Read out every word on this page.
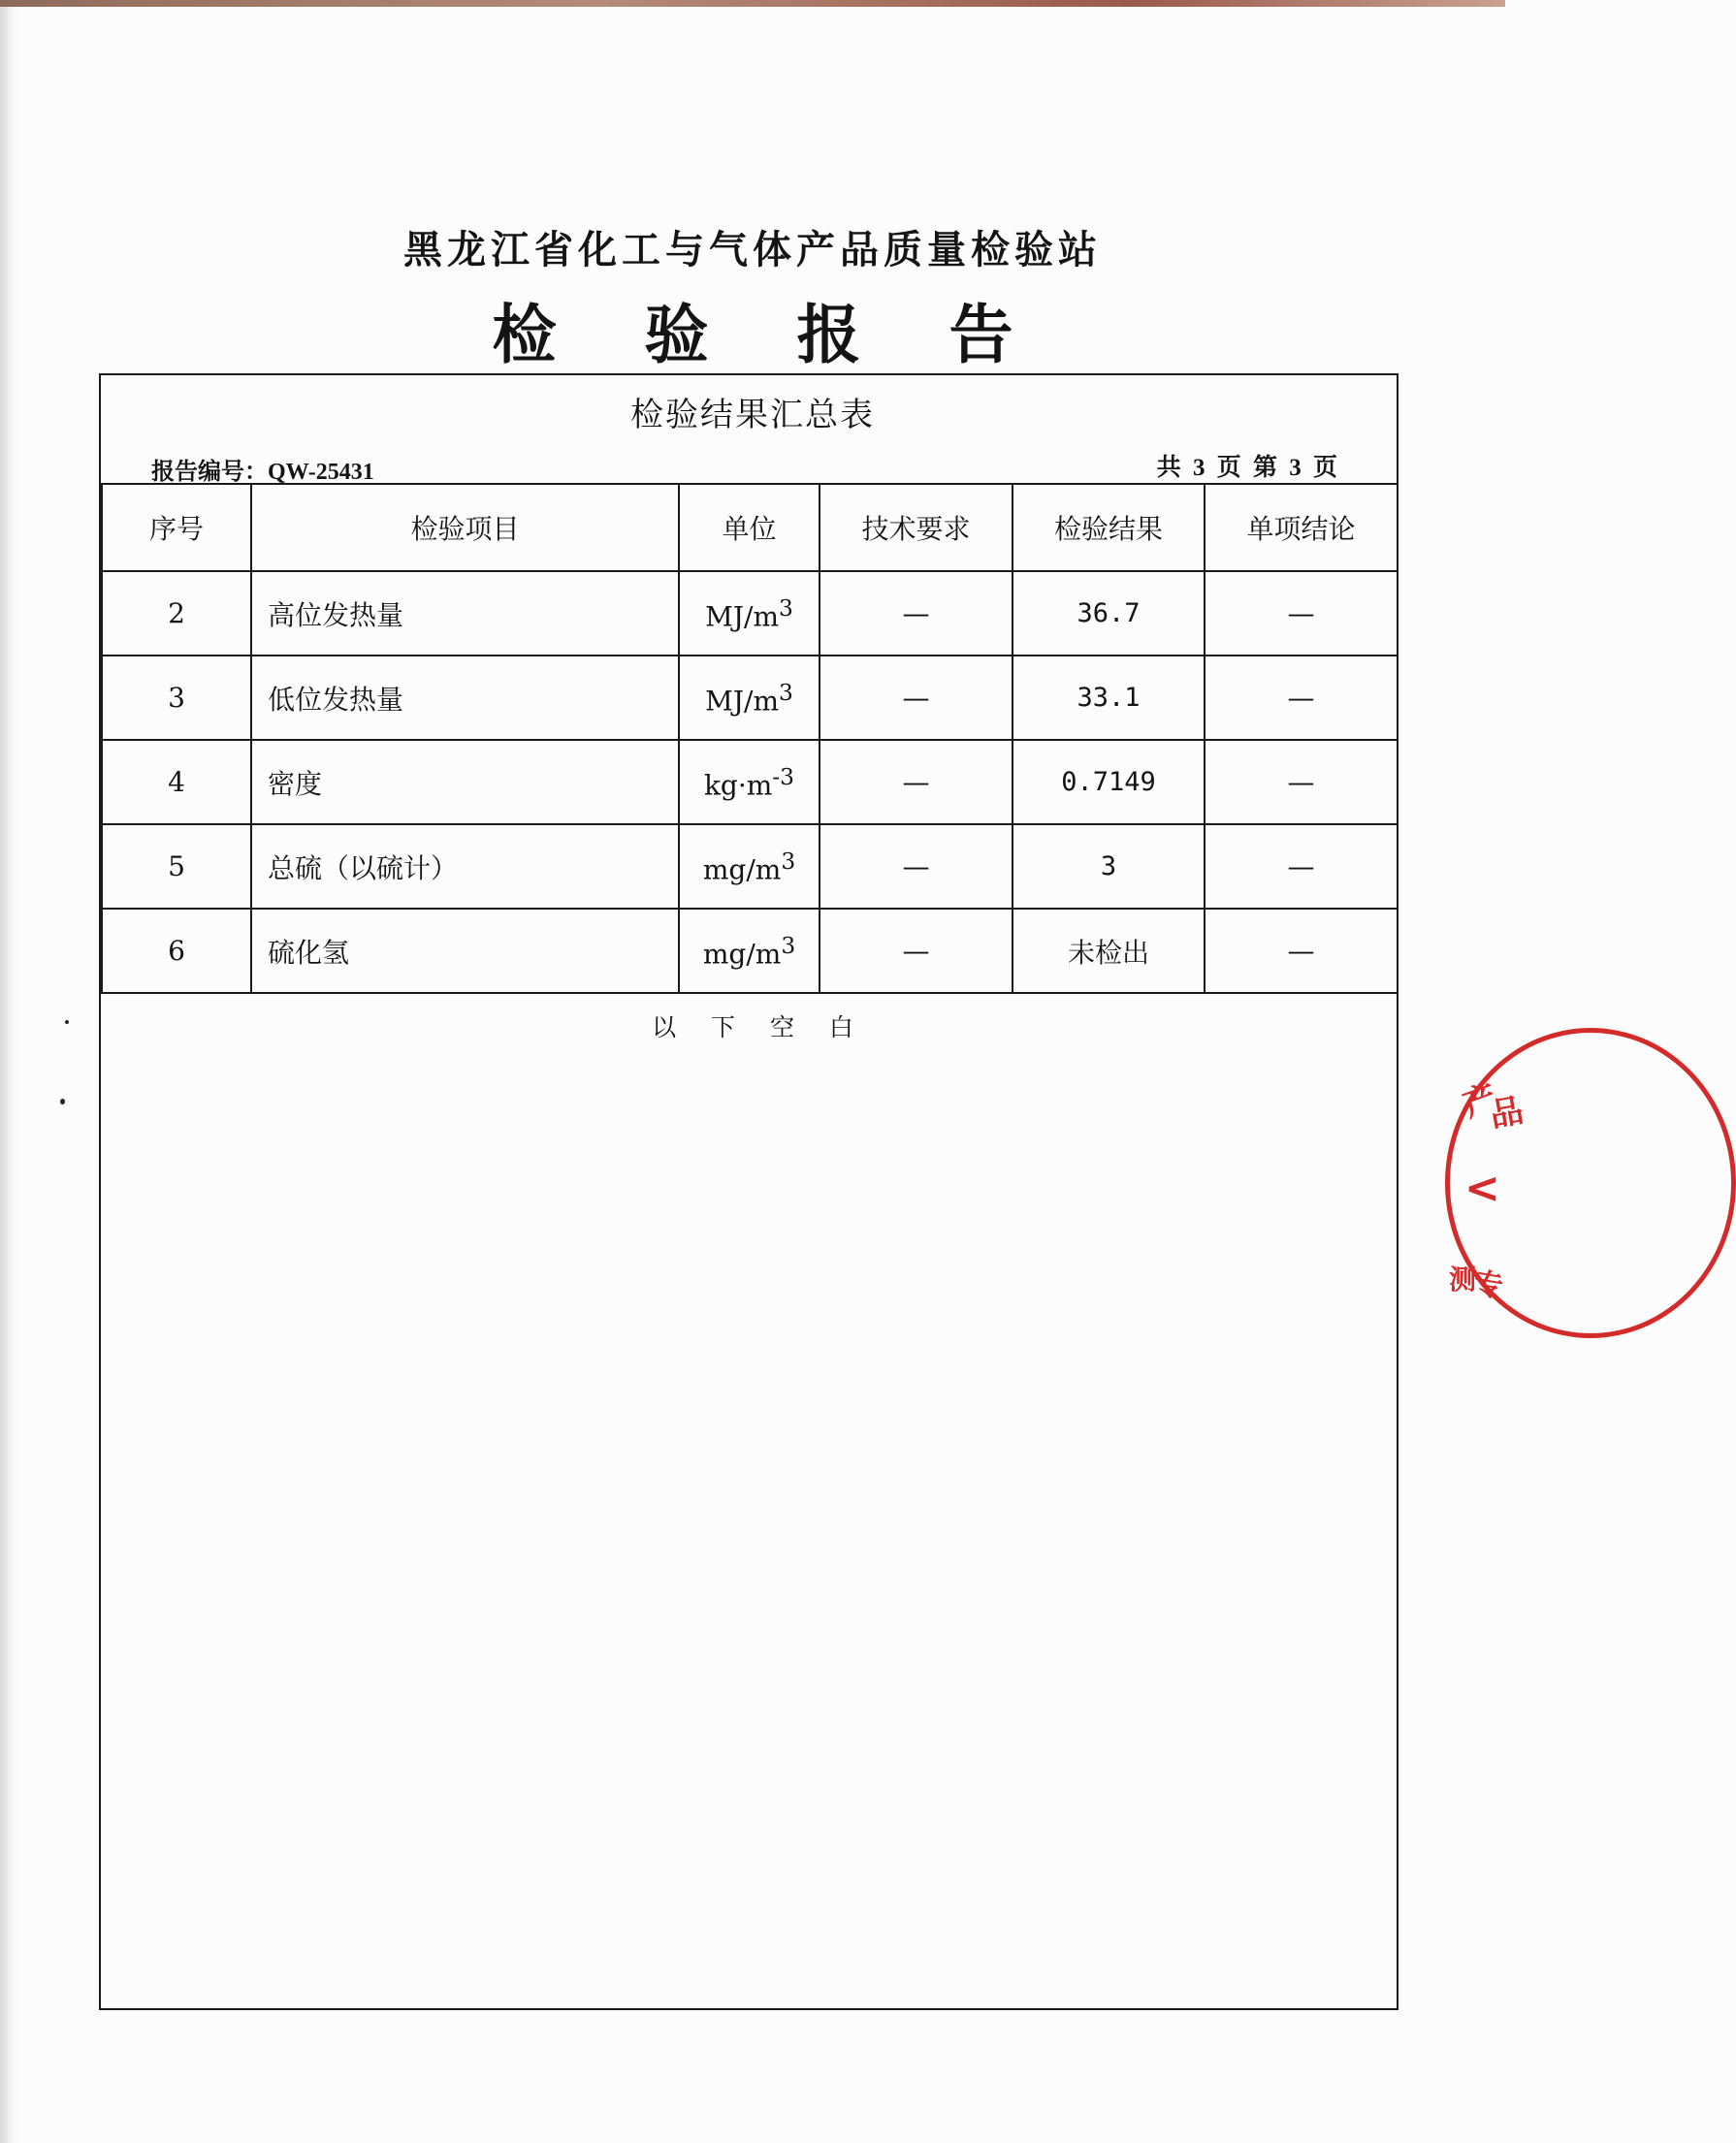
黑龙江省化工与气体产品质量检验站
检 验 报 告
检验结果汇总表
报告编号：QW-25431	共 3 页 第 3 页
序号	检验项目	单位	技术要求	检验结果	单项结论
2	高位发热量	$MJ/m^3$	—	36.7	—
3	低位发热量	$MJ/m^3$	—	33.1	—
4	密度	$kg\cdot m^{-3}$	—	0.7149	—
5	总硫（以硫计）	$mg/m^3$	—	3	—
6	硫化氢	$mg/m^3$	—	未检出	—
以 下 空 白
产
品
<
测
专
